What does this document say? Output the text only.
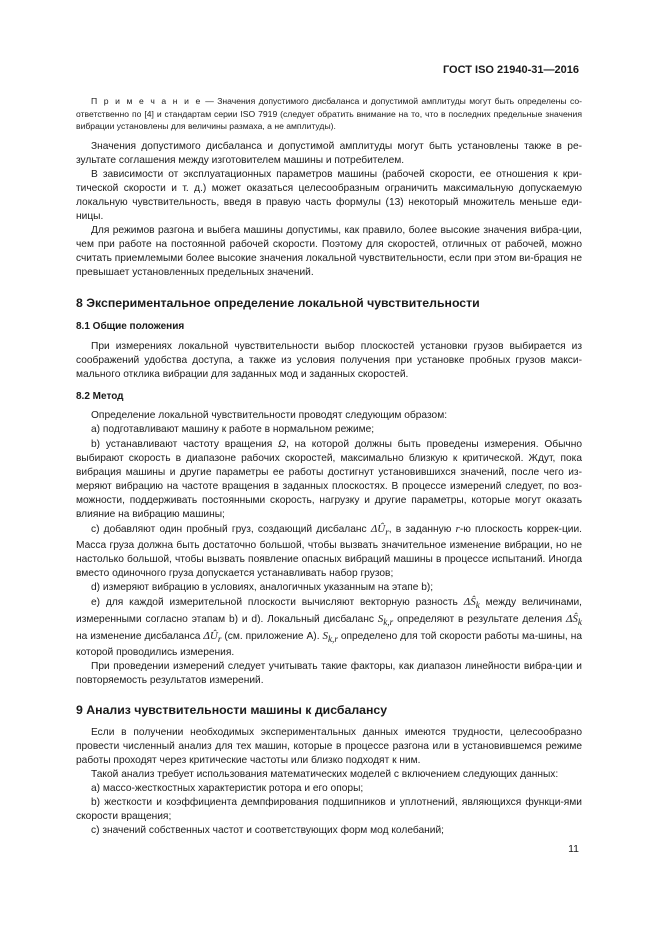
ГОСТ ISO 21940-31—2016

П р и м е ч а н и е — Значения допустимого дисбаланса и допустимой амплитуды могут быть определены со-ответственно по [4] и стандартам серии ISO 7919 (следует обратить внимание на то, что в последних предельные значения вибрации установлены для величины размаха, а не амплитуды).

Значения допустимого дисбаланса и допустимой амплитуды могут быть установлены также в ре-зультате соглашения между изготовителем машины и потребителем.

В зависимости от эксплуатационных параметров машины (рабочей скорости, ее отношения к кри-тической скорости и т. д.) может оказаться целесообразным ограничить максимальную допускаемую локальную чувствительность, введя в правую часть формулы (13) некоторый множитель меньше еди-ницы.

Для режимов разгона и выбега машины допустимы, как правило, более высокие значения вибра-ции, чем при работе на постоянной рабочей скорости. Поэтому для скоростей, отличных от рабочей, можно считать приемлемыми более высокие значения локальной чувствительности, если при этом ви-брация не превышает установленных предельных значений.

8 Экспериментальное определение локальной чувствительности
8.1 Общие положения

При измерениях локальной чувствительности выбор плоскостей установки грузов выбирается из соображений удобства доступа, а также из условия получения при установке пробных грузов макси-мального отклика вибрации для заданных мод и заданных скоростей.

8.2 Метод

Определение локальной чувствительности проводят следующим образом:

а) подготавливают машину к работе в нормальном режиме;

b) устанавливают частоту вращения Ω, на которой должны быть проведены измерения. Обычно выбирают скорость в диапазоне рабочих скоростей, максимально близкую к критической. Ждут, пока вибрация машины и другие параметры ее работы достигнут установившихся значений, после чего из-меряют вибрацию на частоте вращения в заданных плоскостях. В процессе измерений следует, по воз-можности, поддерживать постоянными скорость, нагрузку и другие параметры, которые могут оказать влияние на вибрацию машины;

с) добавляют один пробный груз, создающий дисбаланс $\Delta Û_r$, в заданную r-ю плоскость коррек-ции. Масса груза должна быть достаточно большой, чтобы вызвать значительное изменение вибрации, но не настолько большой, чтобы вызвать появление опасных вибраций машины в процессе испытаний. Иногда вместо одиночного груза допускается устанавливать набор грузов;

d) измеряют вибрацию в условиях, аналогичных указанным на этапе b);

е) для каждой измерительной плоскости вычисляют векторную разность $\Delta Ŝ_k$ между величинами, измеренными согласно этапам b) и d). Локальный дисбаланс $S_{k,r}$ определяют в результате деления $\Delta Ŝ_k$ на изменение дисбаланса $\Delta Û_r$ (см. приложение А). $S_{k,r}$ определено для той скорости работы ма-шины, на которой проводились измерения.

При проведении измерений следует учитывать такие факторы, как диапазон линейности вибра-ции и повторяемость результатов измерений.

9 Анализ чувствительности машины к дисбалансу

Если в получении необходимых экспериментальных данных имеются трудности, целесообразно провести численный анализ для тех машин, которые в процессе разгона или в установившемся режиме работы проходят через критические частоты или близко подходят к ним.

Такой анализ требует использования математических моделей с включением следующих данных:

а) массо-жесткостных характеристик ротора и его опоры;

b) жесткости и коэффициента демпфирования подшипников и уплотнений, являющихся функци-ями скорости вращения;

с) значений собственных частот и соответствующих форм мод колебаний;

11
